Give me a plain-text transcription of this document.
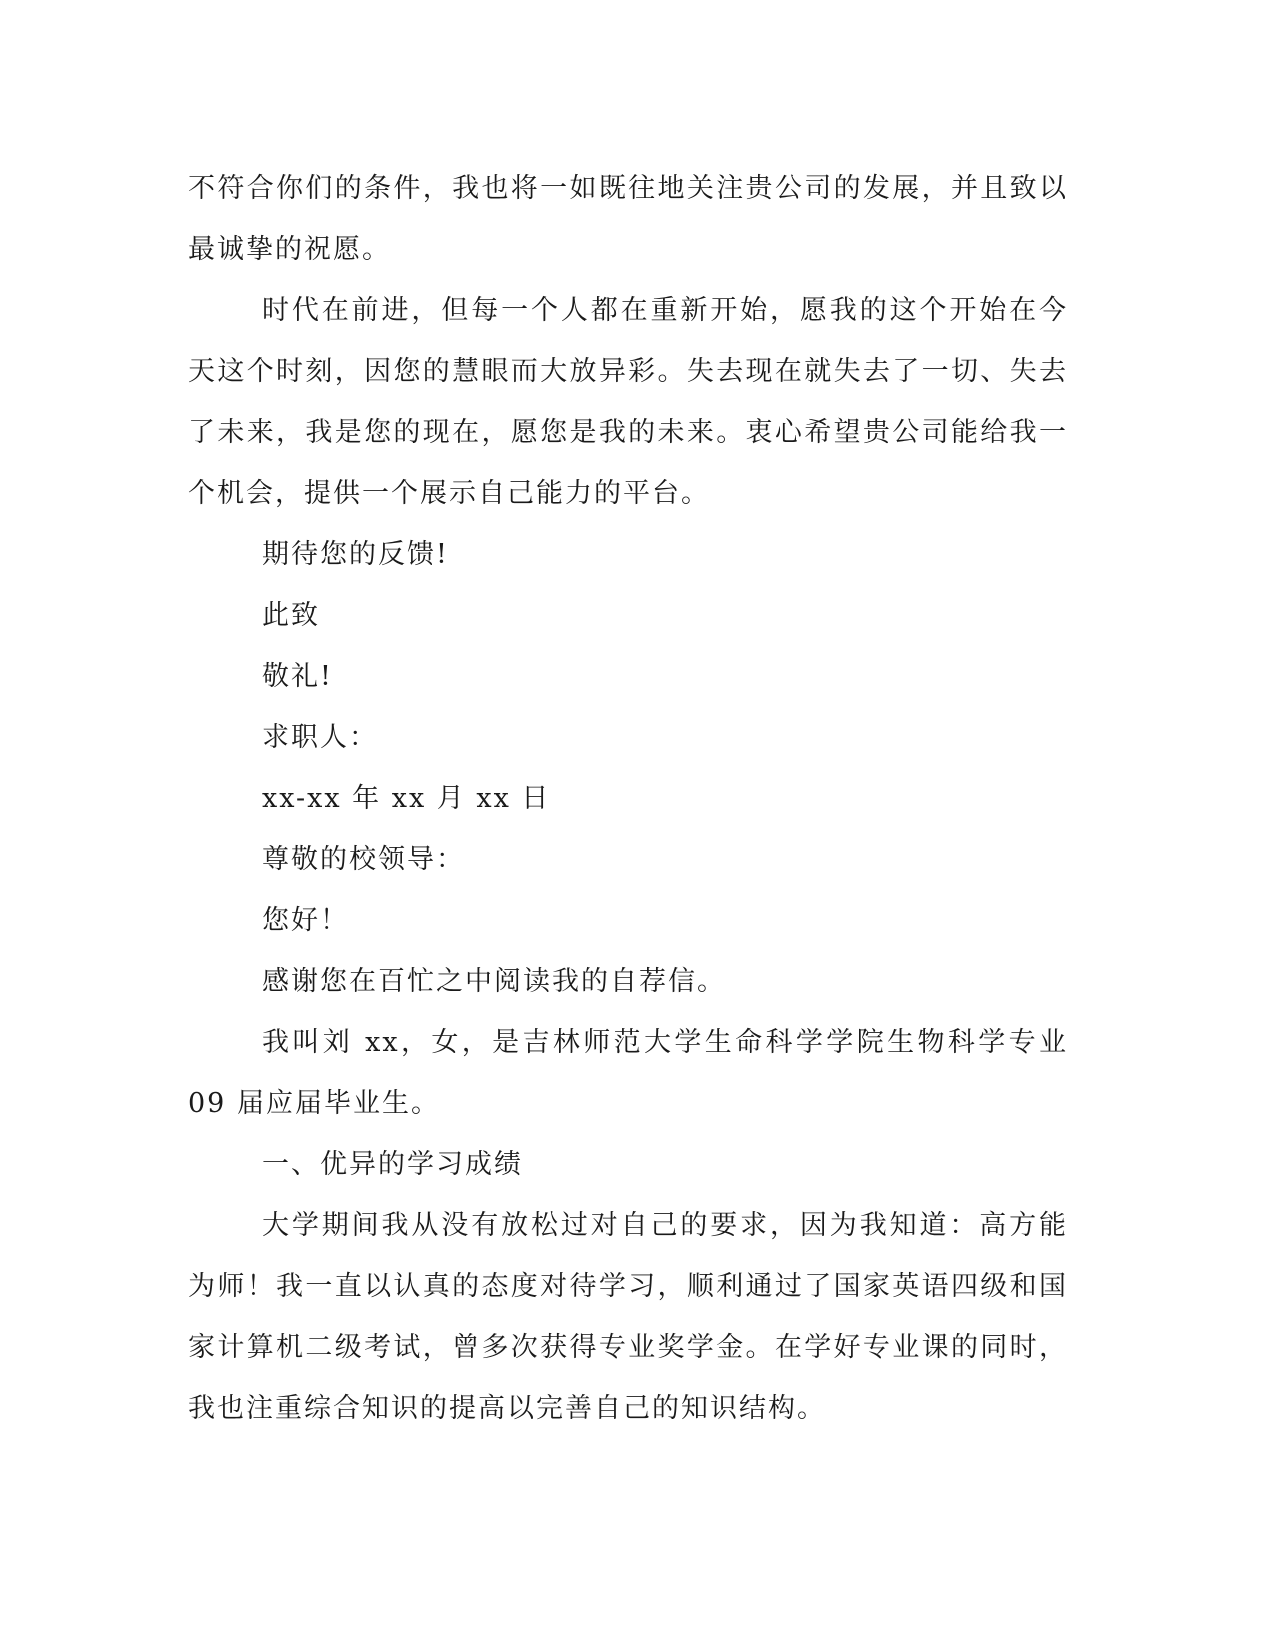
不符合你们的条件，我也将一如既往地关注贵公司的发展，并且致以最诚挚的祝愿。

时代在前进，但每一个人都在重新开始，愿我的这个开始在今天这个时刻，因您的慧眼而大放异彩。失去现在就失去了一切、失去了未来，我是您的现在，愿您是我的未来。衷心希望贵公司能给我一个机会，提供一个展示自己能力的平台。

期待您的反馈!

此致

敬礼!

求职人：

xx-xx 年 xx 月 xx 日

尊敬的校领导：

您好！

感谢您在百忙之中阅读我的自荐信。

我叫刘 xx，女，是吉林师范大学生命科学学院生物科学专业 09 届应届毕业生。

一、优异的学习成绩

大学期间我从没有放松过对自己的要求，因为我知道：高方能为师！我一直以认真的态度对待学习，顺利通过了国家英语四级和国家计算机二级考试，曾多次获得专业奖学金。在学好专业课的同时，我也注重综合知识的提高以完善自己的知识结构。
